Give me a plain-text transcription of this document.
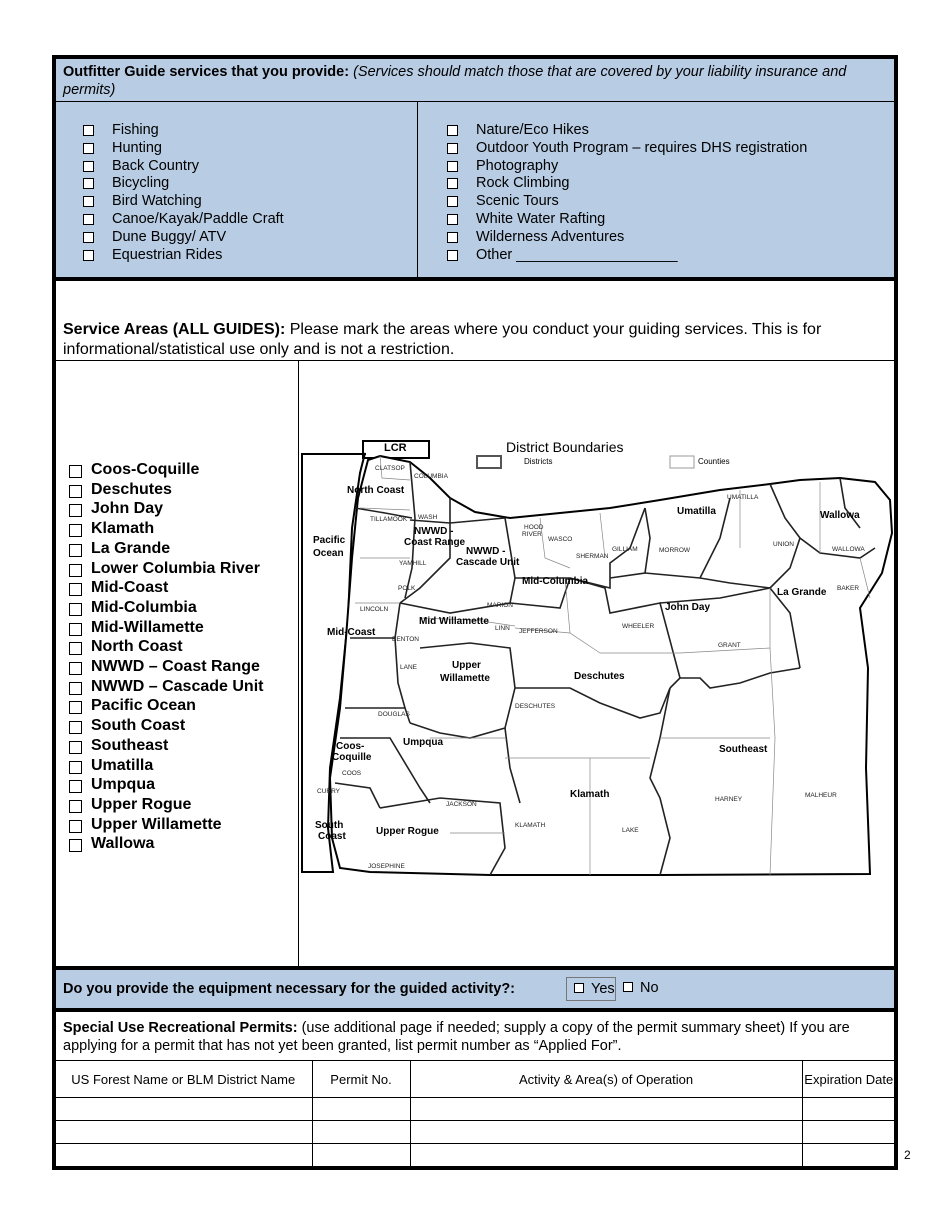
Outfitter Guide services that you provide: (Services should match those that are covered by your liability insurance and permits)
Fishing
Hunting
Back Country
Bicycling
Bird Watching
Canoe/Kayak/Paddle Craft
Dune Buggy/ ATV
Equestrian Rides
Nature/Eco Hikes
Outdoor Youth Program – requires DHS registration
Photography
Rock Climbing
Scenic Tours
White Water Rafting
Wilderness Adventures
Other ____________________
Service Areas (ALL GUIDES): Please mark the areas where you conduct your guiding services. This is for informational/statistical use only and is not a restriction.
Coos-Coquille
Deschutes
John Day
Klamath
La Grande
Lower Columbia River
Mid-Coast
Mid-Columbia
Mid-Willamette
North Coast
NWWD – Coast Range
NWWD – Cascade Unit
Pacific Ocean
South Coast
Southeast
Umatilla
Umpqua
Upper Rogue
Upper Willamette
Wallowa
District Boundaries
Districts	Counties
LCR
North Coast
Pacific
Ocean
NWWD -
Coast Range
NWWD -
Cascade Unit
Mid-Columbia
Umatilla	Wallowa
La Grande
John Day
Mid-Coast
Mid Willamette
Upper
Willamette	Deschutes
Southeast
Coos-
Coquille
Umpqua
Klamath
South
Coast	Upper Rogue
CLATSOP
COLUMBIA
TILLAMOOK WASH
YAMHILL
POLK
LINCOLN
BENTON
LANE
DOUGLAS
COOS
CURRY
JOSEPHINE
JACKSON
KLAMATH
LAKE
HARNEY
MALHEUR
GRANT
WHEELER
DESCHUTES
JEFFERSON
LINN
MARION
WASCO
SHERMAN
GILLIAM	MORROW
UMATILLA
UNION
WALLOWA
BAKER
HOOD
RIVER
Do you provide the equipment necessary for the guided activity?:	Yes No
Special Use Recreational Permits: (use additional page if needed; supply a copy of the permit summary sheet) If you are applying for a permit that has not yet been granted, list permit number as “Applied For”.
US Forest Name or BLM District Name	Permit No.	Activity & Area(s) of Operation	Expiration Date

2
